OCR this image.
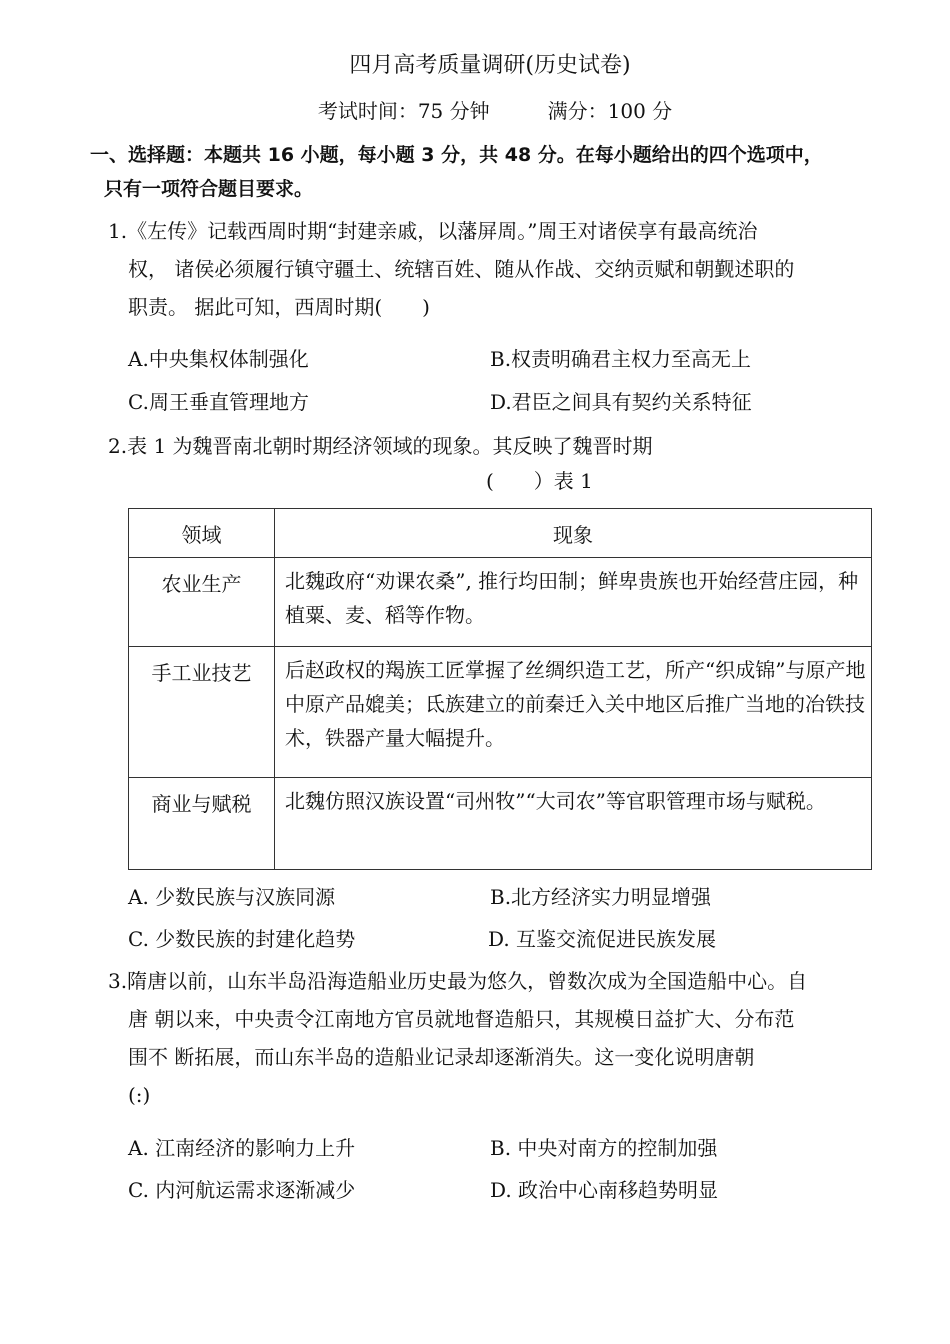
四月高考质量调研(历史试卷)
考试时间：75 分钟	满分：100 分
一、选择题：本题共 16 小题，每小题 3 分，共 48 分。在每小题给出的四个选项中，
只有一项符合题目要求。
1.《左传》记载西周时期“封建亲戚，以藩屏周。”周王对诸侯享有最高统治
权， 诸侯必须履行镇守疆土、统辖百姓、随从作战、交纳贡赋和朝觐述职的
职责。 据此可知，西周时期(　　)
A.中央集权体制强化	B.权责明确君主权力至高无上
C.周王垂直管理地方	D.君臣之间具有契约关系特征
2.表 1 为魏晋南北朝时期经济领域的现象。其反映了魏晋时期
(　　）表 1
领域	现象
农业生产	北魏政府“劝课农桑”, 推行均田制；鲜卑贵族也开始经营庄园，种植粟、麦、稻等作物。
手工业技艺	后赵政权的羯族工匠掌握了丝绸织造工艺，所产“织成锦”与原产地中原产品媲美；氐族建立的前秦迁入关中地区后推广当地的冶铁技术，铁器产量大幅提升。
商业与赋税	北魏仿照汉族设置“司州牧”“大司农”等官职管理市场与赋税。
A. 少数民族与汉族同源	B.北方经济实力明显增强
C. 少数民族的封建化趋势	D. 互鉴交流促进民族发展
3.隋唐以前，山东半岛沿海造船业历史最为悠久，曾数次成为全国造船中心。自
唐 朝以来，中央责令江南地方官员就地督造船只，其规模日益扩大、分布范
围不 断拓展，而山东半岛的造船业记录却逐渐消失。这一变化说明唐朝
(:)
A. 江南经济的影响力上升	B. 中央对南方的控制加强
C. 内河航运需求逐渐减少	D. 政治中心南移趋势明显
